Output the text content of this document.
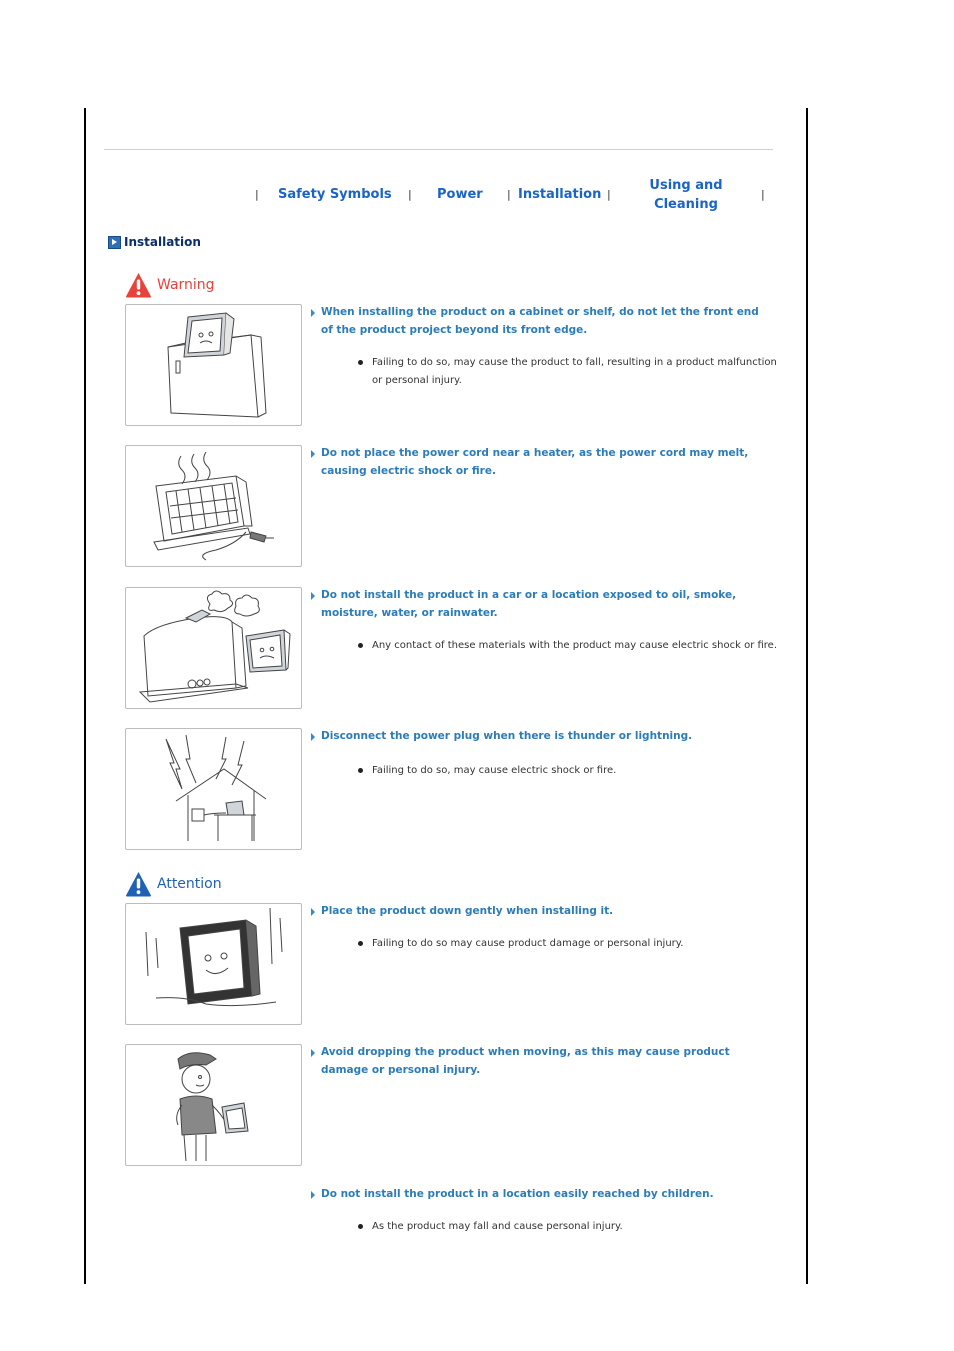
| Safety Symbols | Power | Installation |
Using and
Cleaning
|
Installation
Warning
When installing the product on a cabinet or shelf, do not let the front end of the product project beyond its front edge.
Failing to do so, may cause the product to fall, resulting in a product malfunction or personal injury.
Do not place the power cord near a heater, as the power cord may melt, causing electric shock or fire.
Do not install the product in a car or a location exposed to oil, smoke, moisture, water, or rainwater.
Any contact of these materials with the product may cause electric shock or fire.
Disconnect the power plug when there is thunder or lightning.
Failing to do so, may cause electric shock or fire.
Attention
Place the product down gently when installing it.
Failing to do so may cause product damage or personal injury.
Avoid dropping the product when moving, as this may cause product damage or personal injury.
Do not install the product in a location easily reached by children.
As the product may fall and cause personal injury.
